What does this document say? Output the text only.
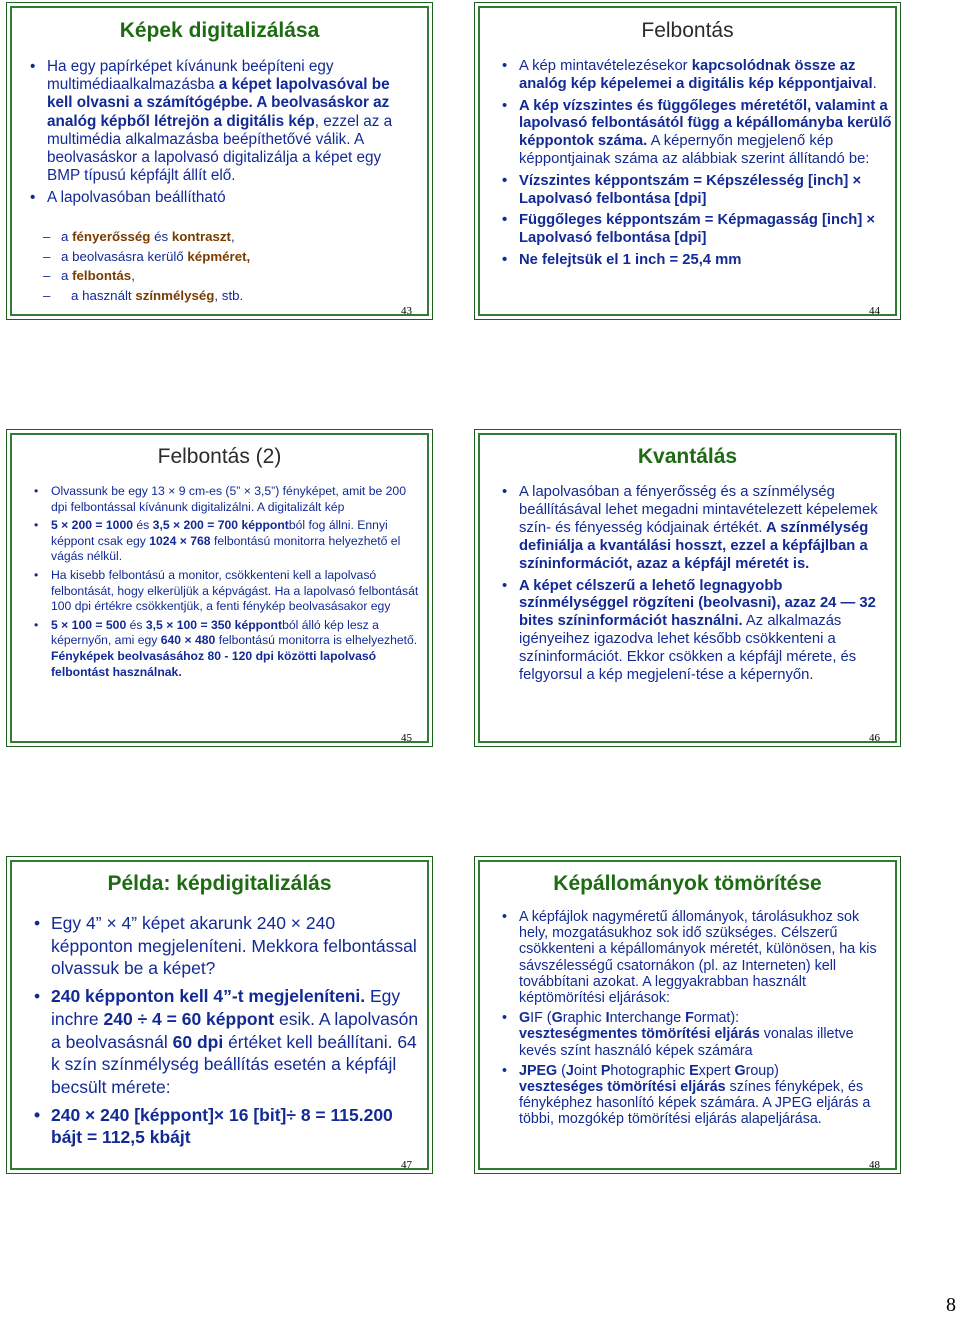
Képek digitalizálása
• Ha egy papírképet kívánunk beépíteni egy multimédiaalkalmazásba a képet lapolvasóval be kell olvasni a számítógépbe. A beolvasáskor az analóg képből létrejön a digitális kép, ezzel az a multimédia alkalmazásba beépíthetővé válik. A beolvasáskor a lapolvasó digitalizálja a képet egy BMP típusú képfájlt állít elő.
• A lapolvasóban beállítható
– a fényerősség és kontraszt,
– a beolvasásra kerülő képméret,
– a felbontás,
– a használt színmélység, stb.
43
Felbontás
• A kép mintavételezésekor kapcsolódnak össze az analóg kép képelemei a digitális kép képpontjaival.
• A kép vízszintes és függőleges méretétől, valamint a lapolvasó felbontásától függ a képállományba kerülő képpontok száma. A képernyőn megjelenő kép képpontjainak száma az alábbiak szerint állítandó be:
• Vízszintes képpontszám = Képszélesség [inch] × Lapolvasó felbontása [dpi]
• Függőleges képpontszám = Képmagasság [inch] × Lapolvasó felbontása [dpi]
• Ne felejtsük el 1 inch = 25,4 mm
44
Felbontás (2)
• Olvassunk be egy 13 × 9 cm-es (5” × 3,5”) fényképet, amit be 200 dpi felbontással kívánunk digitalizálni. A digitalizált kép
• 5 × 200 = 1000 és 3,5 × 200 = 700 képpontból fog állni. Ennyi képpont csak egy 1024 × 768 felbontású monitorra helyezhető el vágás nélkül.
• Ha kisebb felbontású a monitor, csökkenteni kell a lapolvasó felbontását, hogy elkerüljük a képvágást. Ha a lapolvasó felbontását 100 dpi értékre csökkentjük, a fenti fénykép beolvasásakor egy
• 5 × 100 = 500 és 3,5 × 100 = 350 képpontból álló kép lesz a képernyőn, ami egy 640 × 480 felbontású monitorra is elhelyezhető. Fényképek beolvasásához 80 - 120 dpi közötti lapolvasó felbontást használnak.
45
Kvantálás
• A lapolvasóban a fényerősség és a színmélység beállításával lehet megadni mintavételezett képelemek szín- és fényesség kódjainak értékét. A színmélység definiálja a kvantálási hosszt, ezzel a képfájlban a színinformációt, azaz a képfájl méretét is.
• A képet célszerű a lehető legnagyobb színmélységgel rögzíteni (beolvasni), azaz 24 — 32 bites színinformációt használni. Az alkalmazás igényeihez igazodva lehet később csökkenteni a színinformációt. Ekkor csökken a képfájl mérete, és felgyorsul a kép megjelení-tése a képernyőn.
46
Példa: képdigitalizálás
• Egy 4” × 4” képet akarunk 240 × 240 képponton megjeleníteni. Mekkora felbontással olvassuk be a képet?
• 240 képponton kell 4”-t megjeleníteni. Egy inchre 240 ÷ 4 = 60 képpont esik. A lapolvasón a beolvasásnál 60 dpi értéket kell beállítani. 64 k szín színmélység beállítás esetén a képfájl becsült mérete:
• 240 × 240 [képpont]× 16 [bit]÷ 8 = 115.200 bájt = 112,5 kbájt
47
Képállományok tömörítése
• A képfájlok nagyméretű állományok, tárolásukhoz sok hely, mozgatásukhoz sok idő szükséges. Célszerű csökkenteni a képállományok méretét, különösen, ha kis sávszélességű csatornákon (pl. az Interneten) kell továbbítani azokat. A leggyakrabban használt képtömörítési eljárások:
• GIF (Graphic Interchange Format):
veszteségmentes tömörítési eljárás vonalas illetve kevés színt használó képek számára
• JPEG (Joint Photographic Expert Group)
veszteséges tömörítési eljárás színes fényképek, és fényképhez hasonlító képek számára. A JPEG eljárás a többi, mozgókép tömörítési eljárás alapeljárása.
48
8
